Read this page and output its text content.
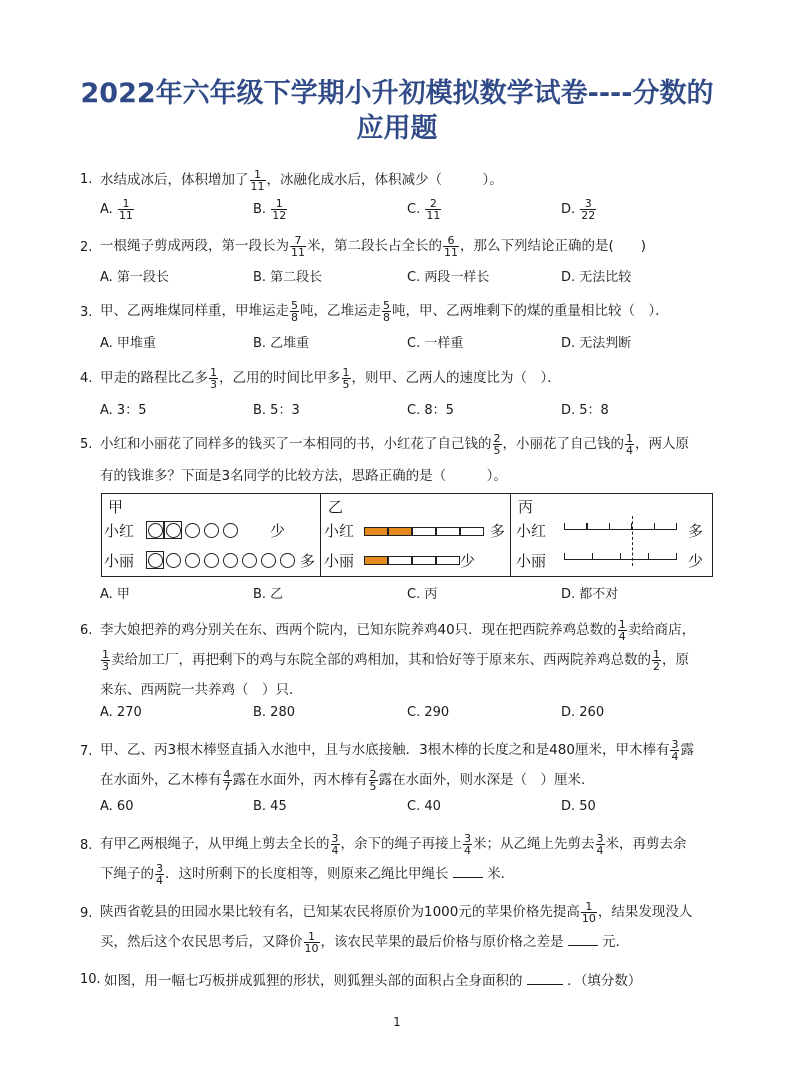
2022年六年级下学期小升初模拟数学试卷----分数的
应用题
1. 水结成冰后，体积增加了 $\frac{1}{11}$ ，冰融化成水后，体积减少（　　　）。
A. $\frac{1}{11}$	B. $\frac{1}{12}$	C. $\frac{2}{11}$	D. $\frac{3}{22}$
2. 一根绳子剪成两段，第一段长为 $\frac{7}{11}$ 米，第二段长占全长的 $\frac{6}{11}$ ，那么下列结论正确的是(　　)
A. 第一段长	B. 第二段长	C. 两段一样长	D. 无法比较
3. 甲、乙两堆煤同样重，甲堆运走 $\frac{5}{8}$ 吨，乙堆运走 $\frac{5}{8}$ 吨，甲、乙两堆剩下的煤的重量相比较（　）．
A. 甲堆重	B. 乙堆重	C. 一样重	D. 无法判断
4. 甲走的路程比乙多 $\frac{1}{3}$ ，乙用的时间比甲多 $\frac{1}{5}$ ，则甲、乙两人的速度比为（　）．
A. 3：5	B. 5：3	C. 8：5	D. 5：8
5. 小红和小丽花了同样多的钱买了一本相同的书，小红花了自己钱的 $\frac{2}{5}$ ，小丽花了自己钱的 $\frac{1}{4}$ ，两人原
有的钱谁多？下面是3名同学的比较方法，思路正确的是（　　　）。
甲
小红
小丽
少
多
乙
小红
小丽
多
少
丙
小红
小丽
多
少
A. 甲	B. 乙	C. 丙	D. 都不对
6. 李大娘把养的鸡分别关在东、西两个院内，已知东院养鸡40只．现在把西院养鸡总数的 $\frac{1}{4}$ 卖给商店，
$\frac{1}{3}$ 卖给加工厂，再把剩下的鸡与东院全部的鸡相加，其和恰好等于原来东、西两院养鸡总数的 $\frac{1}{2}$ ，原
来东、西两院一共养鸡（　）只．
A. 270	B. 280	C. 290	D. 260
7. 甲、乙、丙3根木棒竖直插入水池中，且与水底接触．3根木棒的长度之和是480厘米，甲木棒有 $\frac{3}{4}$ 露
在水面外，乙木棒有 $\frac{4}{7}$ 露在水面外，丙木棒有 $\frac{2}{5}$ 露在水面外，则水深是（　）厘米．
A. 60	B. 45	C. 40	D. 50
8. 有甲乙两根绳子，从甲绳上剪去全长的 $\frac{3}{4}$ ，余下的绳子再接上 $\frac{3}{4}$ 米；从乙绳上先剪去 $\frac{3}{4}$ 米，再剪去余
下绳子的 $\frac{3}{4}$ ．这时所剩下的长度相等，则原来乙绳比甲绳长	米．
9. 陕西省乾县的田园水果比较有名，已知某农民将原价为1000元的苹果价格先提高 $\frac{1}{10}$ ，结果发现没人
买，然后这个农民思考后，又降价 $\frac{1}{10}$ ，该农民苹果的最后价格与原价格之差是	元．
10. 如图，用一幅七巧板拼成狐狸的形状，则狐狸头部的面积占全身面积的	．（填分数）
1
